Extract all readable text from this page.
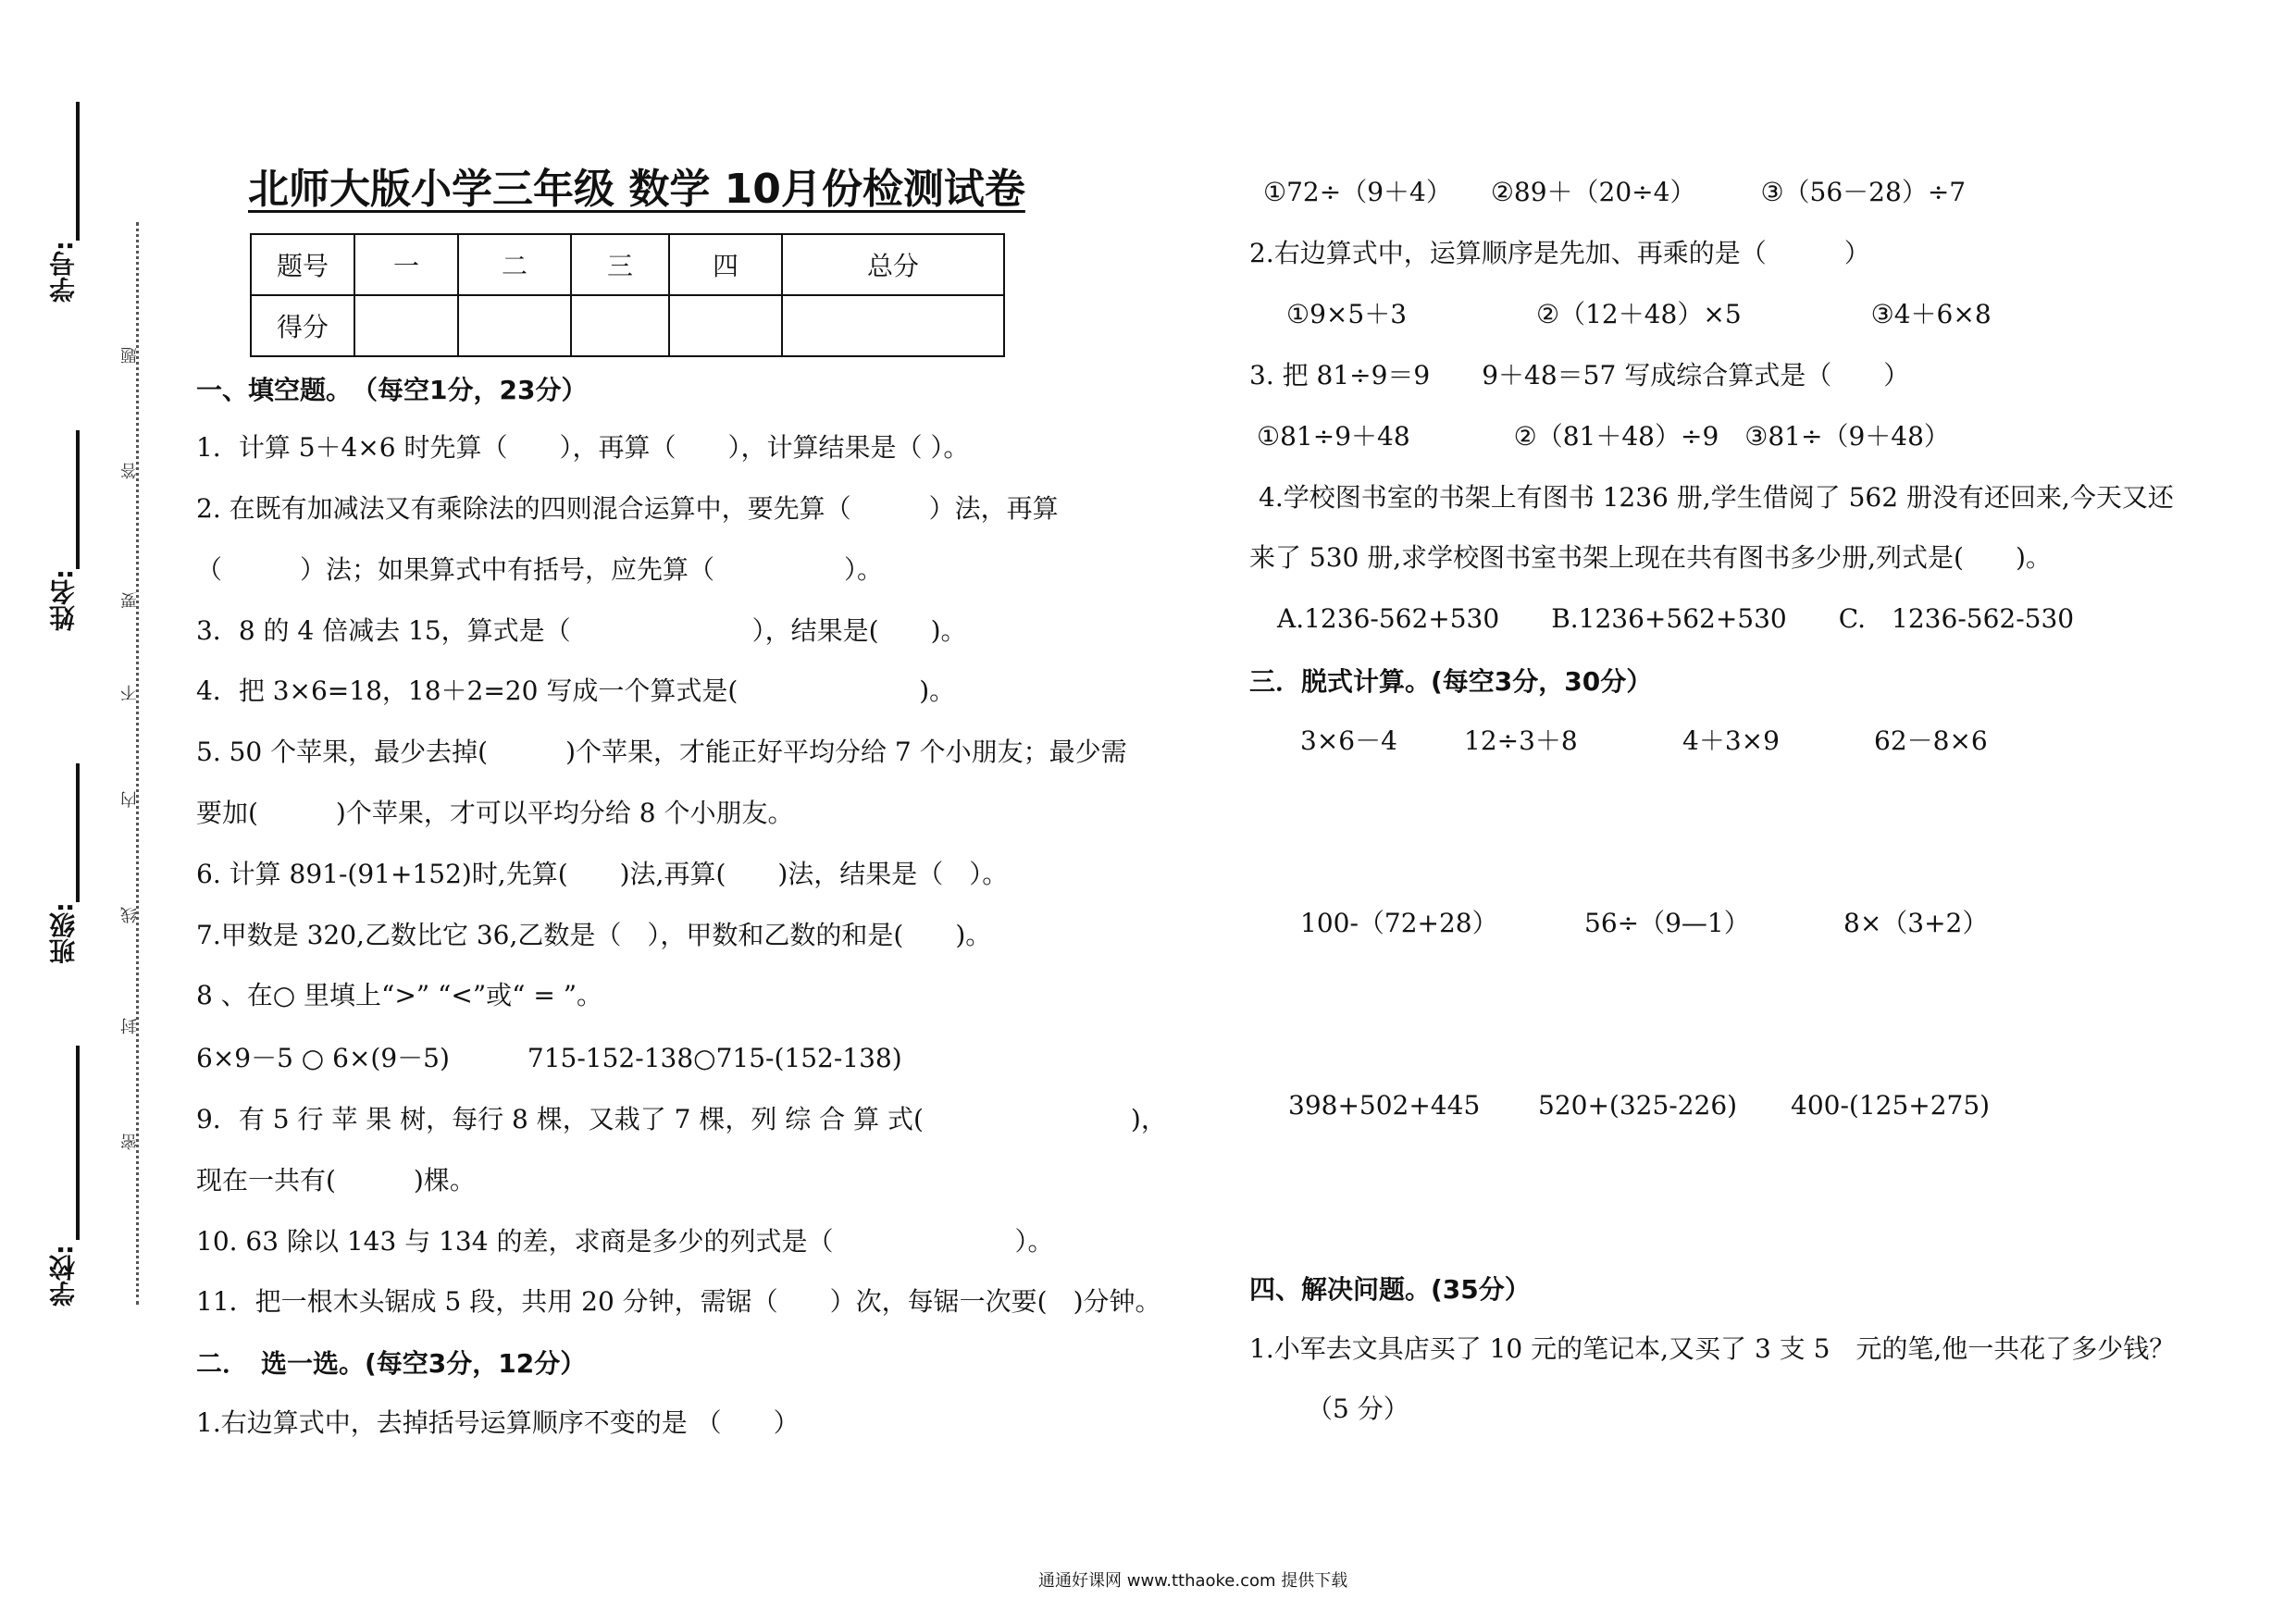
学号:
姓名:
班级:
学校:
题
答
要
不
内
线
封
密
北师大版小学三年级 数学 10月份检测试卷
题号	一	二	三	四	总分
得分					
一、填空题。　（每空1分，23分）
1．计算 5＋4×6 时先算（　　），再算（　　），计算结果是（ ）。
2. 在既有加减法又有乘除法的四则混合运算中，要先算（　　　）法，再算
（　　　）法；如果算式中有括号，应先算（　　　　　）。
3．8 的 4 倍减去 15，算式是（　　　　　　　），结果是(　　)。
4．把 3×6=18，18＋2=20 写成一个算式是(　　　　　　　)。
5. 50 个苹果，最少去掉(　　　)个苹果，才能正好平均分给 7 个小朋友；最少需
要加(　　　)个苹果，才可以平均分给 8 个小朋友。
6. 计算 891-(91+152)时,先算(　　)法,再算(　　)法，结果是（　）。
7.甲数是 320,乙数比它 36,乙数是（　），甲数和乙数的和是(　　)。
8 、在○ 里填上“>” “<”或“ = ”。
6×9－5 ○ 6×(9－5)　　　715-152-138○715-(152-138)
9．有 5 行 苹 果 树，每行 8 棵，又栽了 7 棵，列 综 合 算 式(　　　　　　　　)，
现在一共有(　　　)棵。
10. 63 除以 143 与 134 的差，求商是多少的列式是（　　　　　　　）。
11．把一根木头锯成 5 段，共用 20 分钟，需锯（　　）次，每锯一次要(　)分钟。
二．　选一选。(每空3分，12分）
1.右边算式中，去掉括号运算顺序不变的是 （　　）
①72÷（9＋4）　　②89＋（20÷4）　　　③（56－28）÷7
2.右边算式中，运算顺序是先加、再乘的是（　　　）
①9×5＋3　　　　　②（12＋48）×5　　　　　③4＋6×8
3. 把 81÷9＝9　　9＋48＝57 写成综合算式是（　　）
①81÷9＋48　　　　②（81＋48）÷9　③81÷（9＋48）
4.学校图书室的书架上有图书 1236 册,学生借阅了 562 册没有还回来,今天又还
来了 530 册,求学校图书室书架上现在共有图书多少册,列式是(　　)。
A.1236-562+530　　B.1236+562+530　　C.　1236-562-530
三．脱式计算。(每空3分，30分）
3×6－4	12÷3＋8	4＋3×9	62－8×6
100-（72+28）	56÷（9—1）	8×（3+2）
398+502+445 520+(325-226) 400-(125+275)
四、解决问题。(35分）
1.小军去文具店买了 10 元的笔记本,又买了 3 支 5　元的笔,他一共花了多少钱？
（5 分）
通通好课网 www.tthaoke.com 提供下载
